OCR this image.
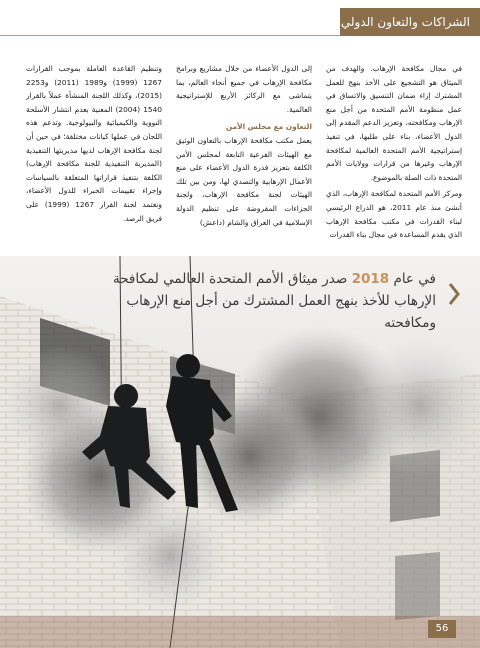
الشراكات والتعاون الدولي

في مجال مكافحة الإرهاب. والهدف من الميثاق هو التشجيع على الأخذ بنهج للعمل المشترك إزاء ضمان التنسيق والاتساق في عمل منظومة الأمم المتحدة من أجل منع الإرهاب ومكافحته، وتعزيز الدعم المقدم إلى الدول الأعضاء، بناء على طلبها، في تنفيذ إستراتيجية الأمم المتحدة العالمية لمكافحة الإرهاب وغيرها من قرارات وولايات الأمم المتحدة ذات الصلة بالموضوع.

ومركز الأمم المتحدة لمكافحة الإرهاب، الذي أنشئ منذ عام 2011، هو الذراع الرئيسي لبناء القدرات في مكتب مكافحة الإرهاب الذي يقدم المساعدة في مجال بناء القدرات

إلى الدول الأعضاء من خلال مشاريع وبرامج مكافحة الإرهاب في جميع أنحاء العالم، بما يتماشى مع الركائز الأربع للإستراتيجية العالمية.

التعاون مع مجلس الأمن

يعمل مكتب مكافحة الإرهاب بالتعاون الوثيق مع الهيئات الفرعية التابعة لمجلس الأمن الكلفة بتعزيز قدرة الدول الأعضاء على منع الأعمال الإرهابية والتصدي لها، ومن بين تلك الهيئات لجنة مكافحة الإرهاب، ولجنة الجزاءات المفروضة على تنظيم الدولة الإسلامية في العراق والشام (داعش)

وتنظيم القاعدة العاملة بموجب القرارات 1267 (1999) و1989 (2011) و2253 (2015)، وكذلك اللجنة المنشأة عملاً بالقرار 1540 (2004) المعنية بعدم انتشار الأسلحة النووية والكيميائية والبيولوجية. وتدعم هذه اللجان في عملها كيانات مختلفة؛ في حين أن لجنة مكافحة الإرهاب لديها مديريتها التنفيذية (المديرية التنفيذية للجنة مكافحة الإرهاب) الكلفة بتنفيذ قراراتها المتعلقة بالسياسات وإجراء تقييمات الخبراء للدول الأعضاء، وتعتمد لجنة القرار 1267 (1999) على فريق الرصد.

في عام 2018 صدر ميثاق الأمم المتحدة العالمي لمكافحة الإرهاب للأخذ بنهج العمل المشترك من أجل منع الإرهاب ومكافحته
56
